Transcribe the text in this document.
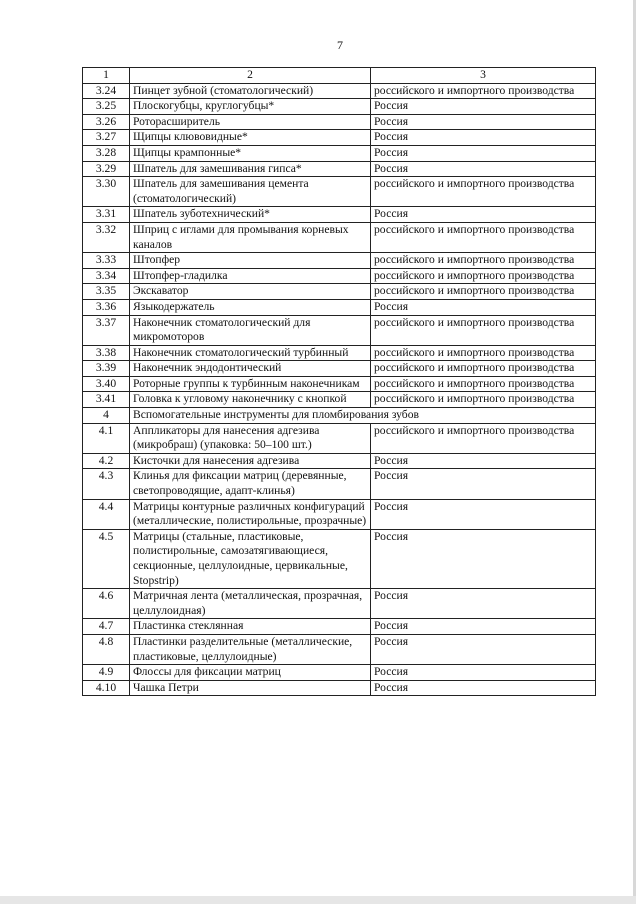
7
1	2	3
3.24	Пинцет зубной (стоматологический)	российского и импортного производства
3.25	Плоскогубцы, круглогубцы*	Россия
3.26	Роторасширитель	Россия
3.27	Щипцы клювовидные*	Россия
3.28	Щипцы крампонные*	Россия
3.29	Шпатель для замешивания гипса*	Россия
3.30	Шпатель для замешивания цемента (стоматологический)	российского и импортного производства
3.31	Шпатель зуботехнический*	Россия
3.32	Шприц с иглами для промывания корневых каналов	российского и импортного производства
3.33	Штопфер	российского и импортного производства
3.34	Штопфер-гладилка	российского и импортного производства
3.35	Экскаватор	российского и импортного производства
3.36	Языкодержатель	Россия
3.37	Наконечник стоматологический для микромоторов	российского и импортного производства
3.38	Наконечник стоматологический турбинный	российского и импортного производства
3.39	Наконечник эндодонтический	российского и импортного производства
3.40	Роторные группы к турбинным наконечникам	российского и импортного производства
3.41	Головка к угловому наконечнику с кнопкой	российского и импортного производства
4	Вспомогательные инструменты для пломбирования зубов	
4.1	Аппликаторы для нанесения адгезива (микробраш) (упаковка: 50–100 шт.)	российского и импортного производства
4.2	Кисточки для нанесения адгезива	Россия
4.3	Клинья для фиксации матриц (деревянные, светопроводящие, адапт-клинья)	Россия
4.4	Матрицы контурные различных конфигураций (металлические, полистирольные, прозрачные)	Россия
4.5	Матрицы (стальные, пластиковые, полистирольные, самозатягивающиеся, секционные, целлулоидные, цервикальные, Stopstrip)	Россия
4.6	Матричная лента (металлическая, прозрачная, целлулоидная)	Россия
4.7	Пластинка стеклянная	Россия
4.8	Пластинки разделительные (металлические, пластиковые, целлулоидные)	Россия
4.9	Флоссы для фиксации матриц	Россия
4.10	Чашка Петри	Россия
